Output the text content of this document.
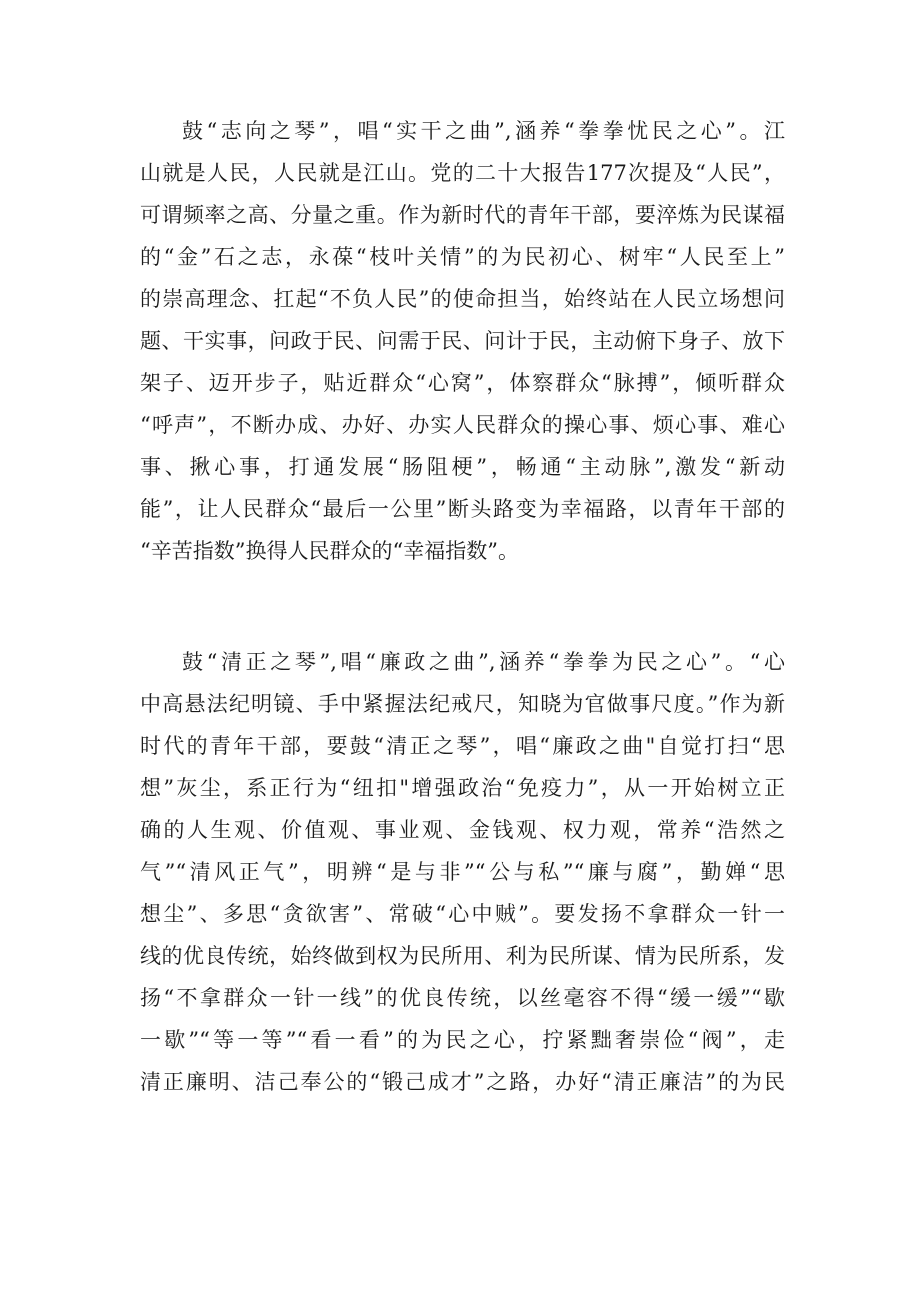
鼓“志向之琴”，唱“实干之曲”,涵养“拳拳忧民之心”。江
山就是人民，人民就是江山。党的二十大报告177次提及“人民”，
可谓频率之高、分量之重。作为新时代的青年干部，要淬炼为民谋福
的“金”石之志，永葆“枝叶关情”的为民初心、树牢“人民至上”
的崇高理念、扛起“不负人民”的使命担当，始终站在人民立场想问
题、干实事，问政于民、问需于民、问计于民，主动俯下身子、放下
架子、迈开步子，贴近群众“心窝”，体察群众“脉搏”，倾听群众
“呼声”，不断办成、办好、办实人民群众的操心事、烦心事、难心
事、揪心事，打通发展“肠阻梗”，畅通“主动脉”,激发“新动
能”，让人民群众“最后一公里”断头路变为幸福路，以青年干部的
“辛苦指数”换得人民群众的“幸福指数”。
鼓“清正之琴”,唱“廉政之曲”,涵养“拳拳为民之心”。“心
中高悬法纪明镜、手中紧握法纪戒尺，知晓为官做事尺度。”作为新
时代的青年干部，要鼓“清正之琴”，唱“廉政之曲"自觉打扫“思
想”灰尘，系正行为“纽扣"增强政治“免疫力”，从一开始树立正
确的人生观、价值观、事业观、金钱观、权力观，常养“浩然之
气”“清风正气”，明辨“是与非”“公与私”“廉与腐”，勤婵“思
想尘”、多思“贪欲害”、常破“心中贼”。要发扬不拿群众一针一
线的优良传统，始终做到权为民所用、利为民所谋、情为民所系，发
扬“不拿群众一针一线”的优良传统，以丝毫容不得“缓一缓”“歇
一歇”“等一等”“看一看”的为民之心，拧紧黜奢崇俭“阀”，走
清正廉明、洁己奉公的“锻己成才”之路，办好“清正廉洁”的为民
